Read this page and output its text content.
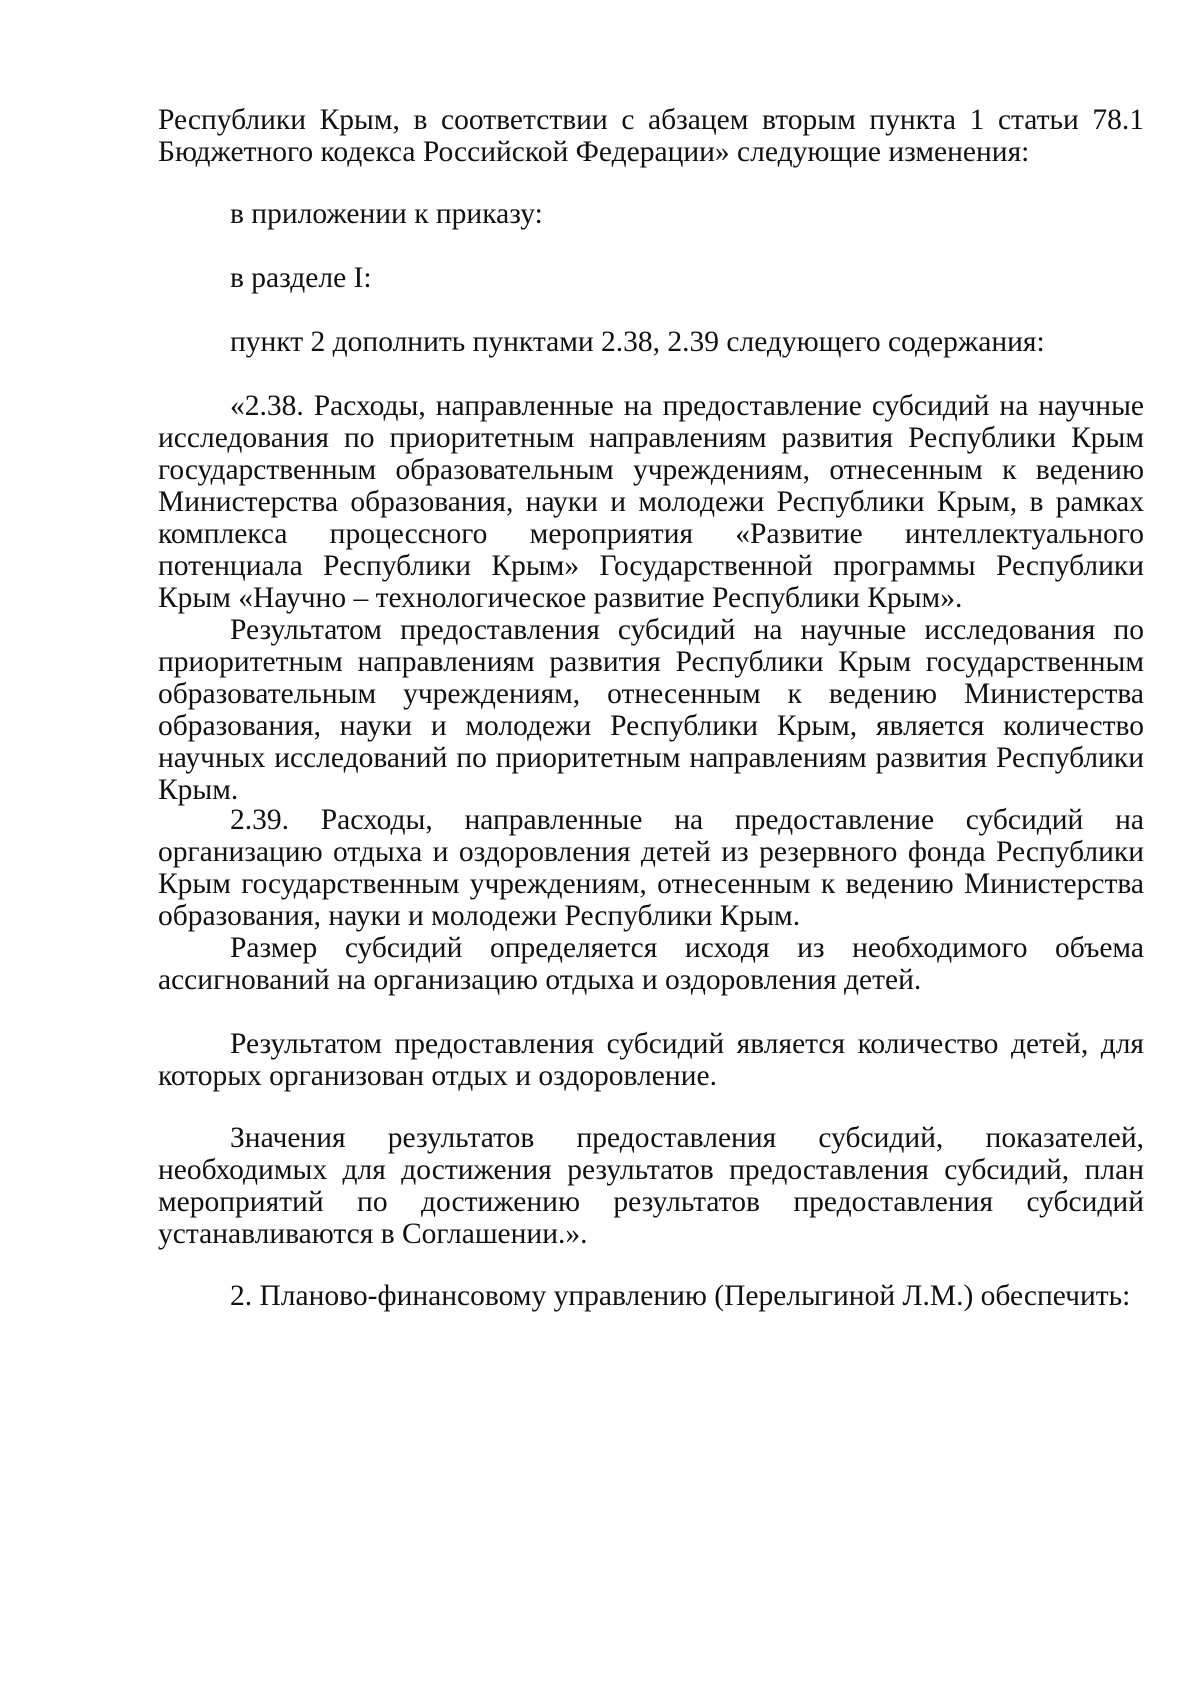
Республики Крым, в соответствии с абзацем вторым пункта 1 статьи 78.1 Бюджетного кодекса Российской Федерации» следующие изменения:

в приложении к приказу:

в разделе I:

пункт 2 дополнить пунктами 2.38, 2.39 следующего содержания:

«2.38. Расходы, направленные на предоставление субсидий на научные исследования по приоритетным направлениям развития Республики Крым государственным образовательным учреждениям, отнесенным к ведению Министерства образования, науки и молодежи Республики Крым, в рамках комплекса процессного мероприятия «Развитие интеллектуального потенциала Республики Крым» Государственной программы Республики Крым «Научно – технологическое развитие Республики Крым».

Результатом предоставления субсидий на научные исследования по приоритетным направлениям развития Республики Крым государственным образовательным учреждениям, отнесенным к ведению Министерства образования, науки и молодежи Республики Крым, является количество научных исследований по приоритетным направлениям развития Республики Крым.

2.39. Расходы, направленные на предоставление субсидий на организацию отдыха и оздоровления детей из резервного фонда Республики Крым государственным учреждениям, отнесенным к ведению Министерства образования, науки и молодежи Республики Крым.

Размер субсидий определяется исходя из необходимого объема ассигнований на организацию отдыха и оздоровления детей.

Результатом предоставления субсидий является количество детей, для которых организован отдых и оздоровление.

Значения результатов предоставления субсидий, показателей, необходимых для достижения результатов предоставления субсидий, план мероприятий по достижению результатов предоставления субсидий устанавливаются в Соглашении.».

2. Планово-финансовому управлению (Перелыгиной Л.М.) обеспечить:
